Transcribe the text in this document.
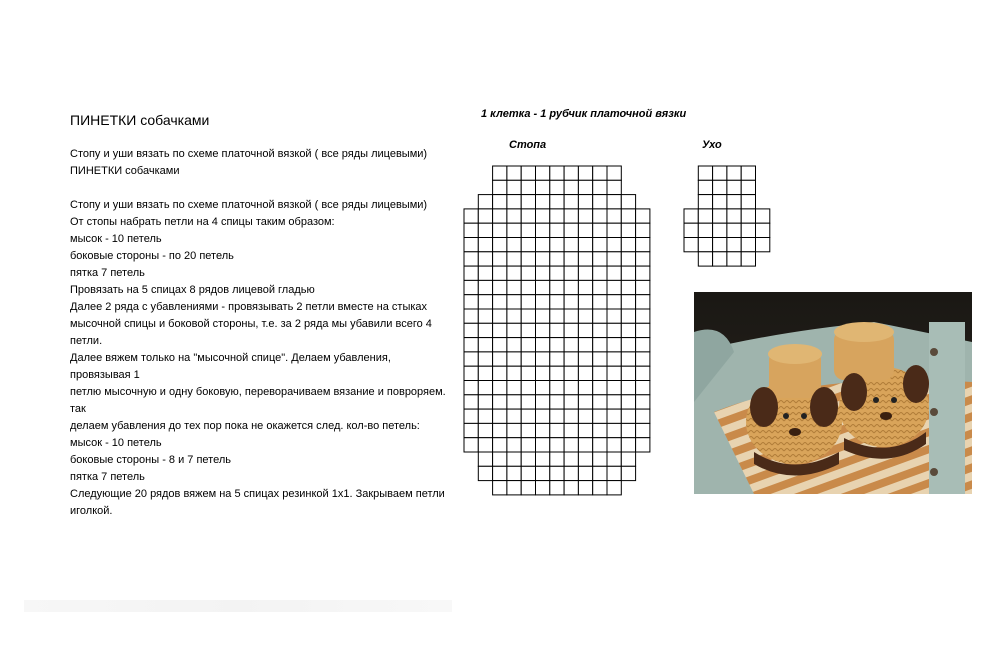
ПИНЕТКИ собачками
Стопу и уши вязать по схеме платочной вязкой ( все ряды лицевыми)
ПИНЕТКИ собачками

Стопу и уши вязать по схеме платочной вязкой ( все ряды лицевыми)
От стопы набрать петли на 4 спицы таким образом:
мысок - 10 петель
боковые стороны - по 20 петель
пятка 7 петель
Провязать на 5 спицах 8 рядов лицевой гладью
Далее 2 ряда с убавлениями - провязывать 2 петли вместе на стыках
мысочной спицы и боковой стороны, т.е. за 2 ряда мы убавили всего 4 петли.
Далее вяжем только на "мысочной спице". Делаем убавления, провязывая 1
петлю мысочную и одну боковую, переворачиваем вязание и повроряем. так
делаем убавления до тех пор пока не окажется след. кол-во петель:
мысок - 10 петель
боковые стороны - 8 и 7 петель
пятка 7 петель
Следующие 20 рядов вяжем на 5 спицах резинкой 1х1. Закрываем петли
иголкой.
1 клетка - 1 рубчик платочной вязки
Стопа	Ухо
